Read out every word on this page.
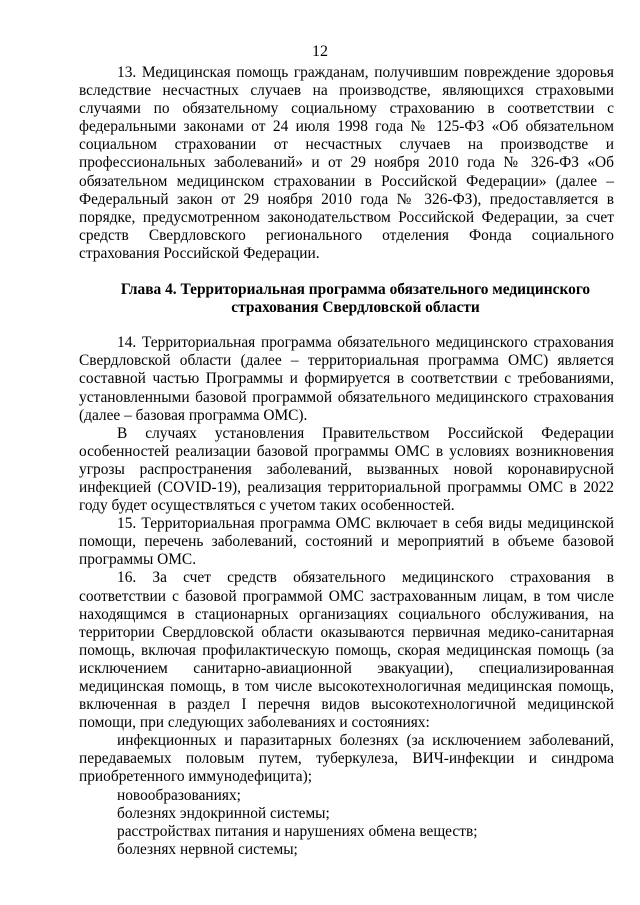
12

13. Медицинская помощь гражданам, получившим повреждение здоровья вследствие несчастных случаев на производстве, являющихся страховыми случаями по обязательному социальному страхованию в соответствии с федеральными законами от 24 июля 1998 года № 125-ФЗ «Об обязательном социальном страховании от несчастных случаев на производстве и профессиональных заболеваний» и от 29 ноября 2010 года № 326-ФЗ «Об обязательном медицинском страховании в Российской Федерации» (далее – Федеральный закон от 29 ноября 2010 года № 326-ФЗ), предоставляется в порядке, предусмотренном законодательством Российской Федерации, за счет средств Свердловского регионального отделения Фонда социального страхования Российской Федерации.

Глава 4. Территориальная программа обязательного медицинского страхования Свердловской области

14. Территориальная программа обязательного медицинского страхования Свердловской области (далее – территориальная программа ОМС) является составной частью Программы и формируется в соответствии с требованиями, установленными базовой программой обязательного медицинского страхования (далее – базовая программа ОМС).

В случаях установления Правительством Российской Федерации особенностей реализации базовой программы ОМС в условиях возникновения угрозы распространения заболеваний, вызванных новой коронавирусной инфекцией (COVID-19), реализация территориальной программы ОМС в 2022 году будет осуществляться с учетом таких особенностей.

15. Территориальная программа ОМС включает в себя виды медицинской помощи, перечень заболеваний, состояний и мероприятий в объеме базовой программы ОМС.

16. За счет средств обязательного медицинского страхования в соответствии с базовой программой ОМС застрахованным лицам, в том числе находящимся в стационарных организациях социального обслуживания, на территории Свердловской области оказываются первичная медико-санитарная помощь, включая профилактическую помощь, скорая медицинская помощь (за исключением санитарно-авиационной эвакуации), специализированная медицинская помощь, в том числе высокотехнологичная медицинская помощь, включенная в раздел I перечня видов высокотехнологичной медицинской помощи, при следующих заболеваниях и состояниях:

инфекционных и паразитарных болезнях (за исключением заболеваний, передаваемых половым путем, туберкулеза, ВИЧ-инфекции и синдрома приобретенного иммунодефицита);

новообразованиях;

болезнях эндокринной системы;

расстройствах питания и нарушениях обмена веществ;

болезнях нервной системы;
